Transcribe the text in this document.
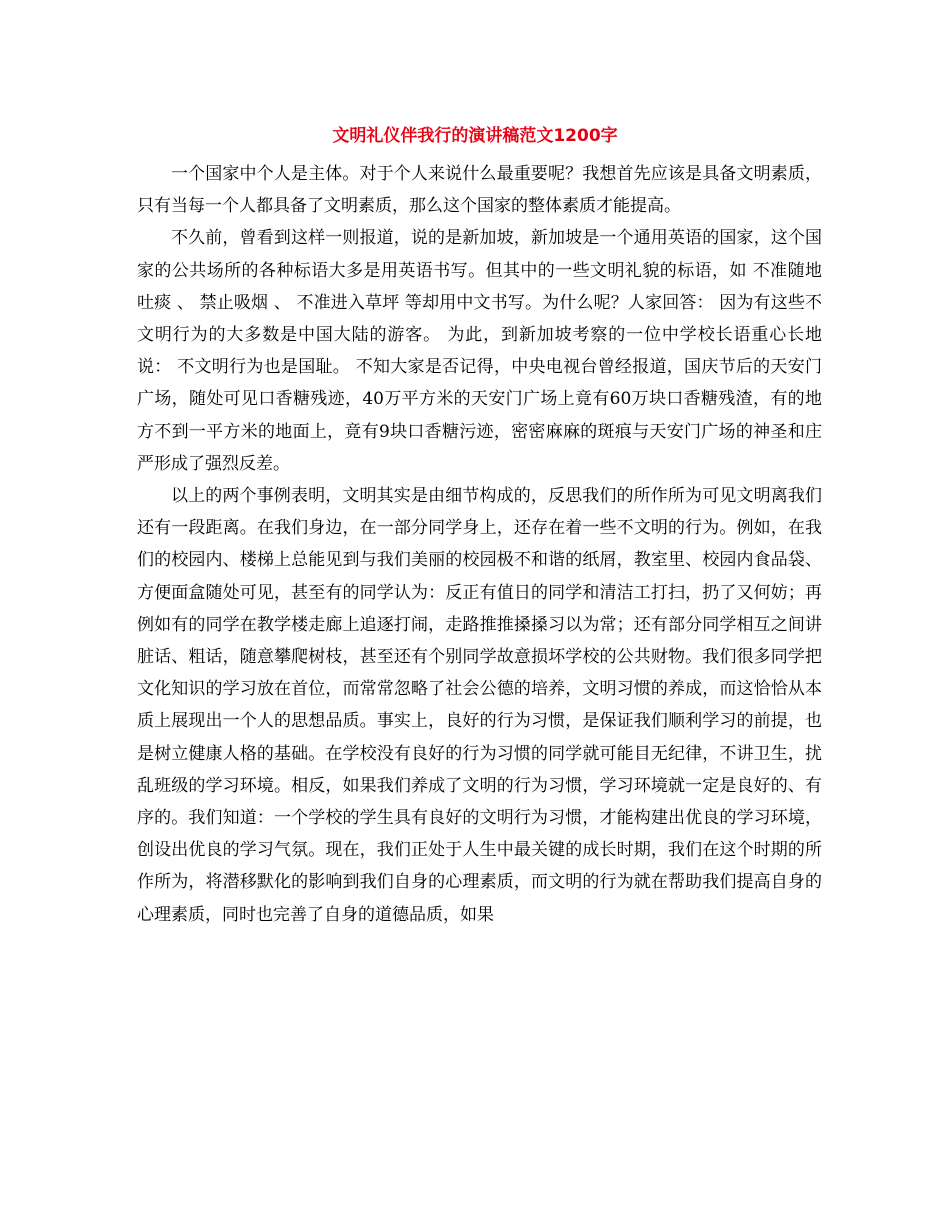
文明礼仪伴我行的演讲稿范文1200字

一个国家中个人是主体。对于个人来说什么最重要呢？我想首先应该是具备文明素质，只有当每一个人都具备了文明素质，那么这个国家的整体素质才能提高。

不久前，曾看到这样一则报道，说的是新加坡，新加坡是一个通用英语的国家，这个国家的公共场所的各种标语大多是用英语书写。但其中的一些文明礼貌的标语，如 不准随地吐痰 、 禁止吸烟 、 不准进入草坪 等却用中文书写。为什么呢？人家回答： 因为有这些不文明行为的大多数是中国大陆的游客。 为此，到新加坡考察的一位中学校长语重心长地说： 不文明行为也是国耻。 不知大家是否记得，中央电视台曾经报道，国庆节后的天安门广场，随处可见口香糖残迹，40万平方米的天安门广场上竟有60万块口香糖残渣，有的地方不到一平方米的地面上，竟有9块口香糖污迹，密密麻麻的斑痕与天安门广场的神圣和庄严形成了强烈反差。

以上的两个事例表明，文明其实是由细节构成的，反思我们的所作所为可见文明离我们还有一段距离。在我们身边，在一部分同学身上，还存在着一些不文明的行为。例如，在我们的校园内、楼梯上总能见到与我们美丽的校园极不和谐的纸屑，教室里、校园内食品袋、方便面盒随处可见，甚至有的同学认为：反正有值日的同学和清洁工打扫，扔了又何妨；再例如有的同学在教学楼走廊上追逐打闹，走路推推搡搡习以为常；还有部分同学相互之间讲脏话、粗话，随意攀爬树枝，甚至还有个别同学故意损坏学校的公共财物。我们很多同学把文化知识的学习放在首位，而常常忽略了社会公德的培养，文明习惯的养成，而这恰恰从本质上展现出一个人的思想品质。事实上，良好的行为习惯，是保证我们顺利学习的前提，也是树立健康人格的基础。在学校没有良好的行为习惯的同学就可能目无纪律，不讲卫生，扰乱班级的学习环境。相反，如果我们养成了文明的行为习惯，学习环境就一定是良好的、有序的。我们知道：一个学校的学生具有良好的文明行为习惯，才能构建出优良的学习环境，创设出优良的学习气氛。现在，我们正处于人生中最关键的成长时期，我们在这个时期的所作所为，将潜移默化的影响到我们自身的心理素质，而文明的行为就在帮助我们提高自身的心理素质，同时也完善了自身的道德品质，如果
